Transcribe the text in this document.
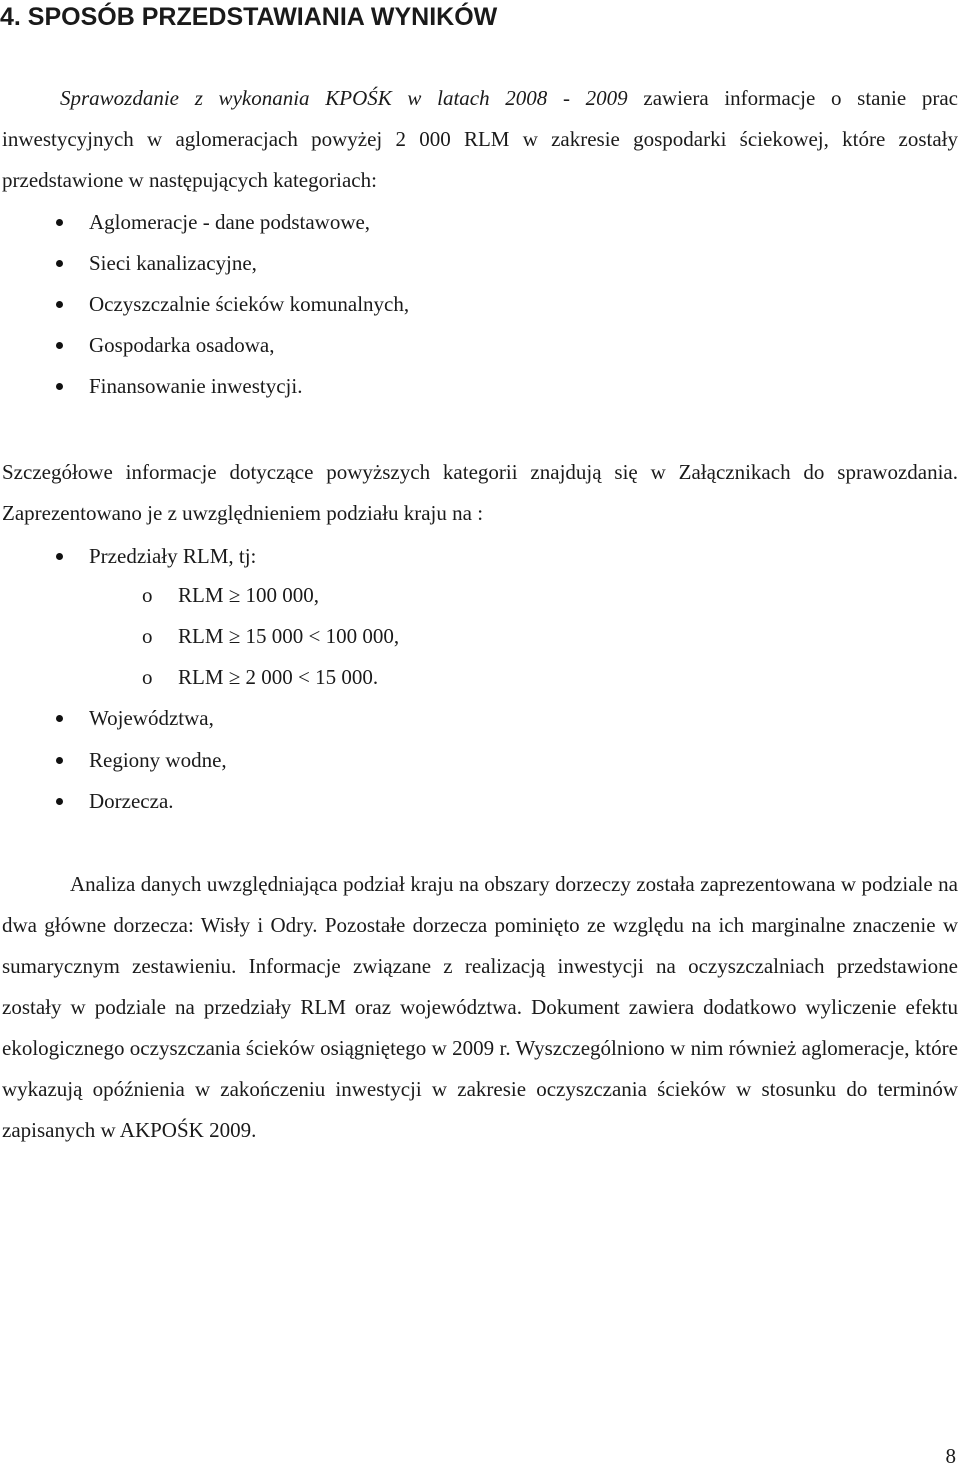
4. SPOSÓB PRZEDSTAWIANIA WYNIKÓW
Sprawozdanie z wykonania KPOŚK w latach 2008 - 2009 zawiera informacje o stanie prac inwestycyjnych w aglomeracjach powyżej 2 000 RLM w zakresie gospodarki ściekowej, które zostały przedstawione w następujących kategoriach:
Aglomeracje - dane podstawowe,
Sieci kanalizacyjne,
Oczyszczalnie ścieków komunalnych,
Gospodarka osadowa,
Finansowanie inwestycji.
Szczegółowe informacje dotyczące powyższych kategorii znajdują się w Załącznikach do sprawozdania. Zaprezentowano je z uwzględnieniem podziału kraju na :
Przedziały RLM, tj:
o RLM ≥ 100 000,
o RLM ≥ 15 000 < 100 000,
o RLM ≥ 2 000 < 15 000.
Województwa,
Regiony wodne,
Dorzecza.
Analiza danych uwzględniająca podział kraju na obszary dorzeczy została zaprezentowana w podziale na dwa główne dorzecza: Wisły i Odry. Pozostałe dorzecza pominięto ze względu na ich marginalne znaczenie w sumarycznym zestawieniu. Informacje związane z realizacją inwestycji na oczyszczalniach przedstawione zostały w podziale na przedziały RLM oraz województwa. Dokument zawiera dodatkowo wyliczenie efektu ekologicznego oczyszczania ścieków osiągniętego w 2009 r. Wyszczególniono w nim również aglomeracje, które wykazują opóźnienia w zakończeniu inwestycji w zakresie oczyszczania ścieków w stosunku do terminów zapisanych w AKPOŚK 2009.
8
